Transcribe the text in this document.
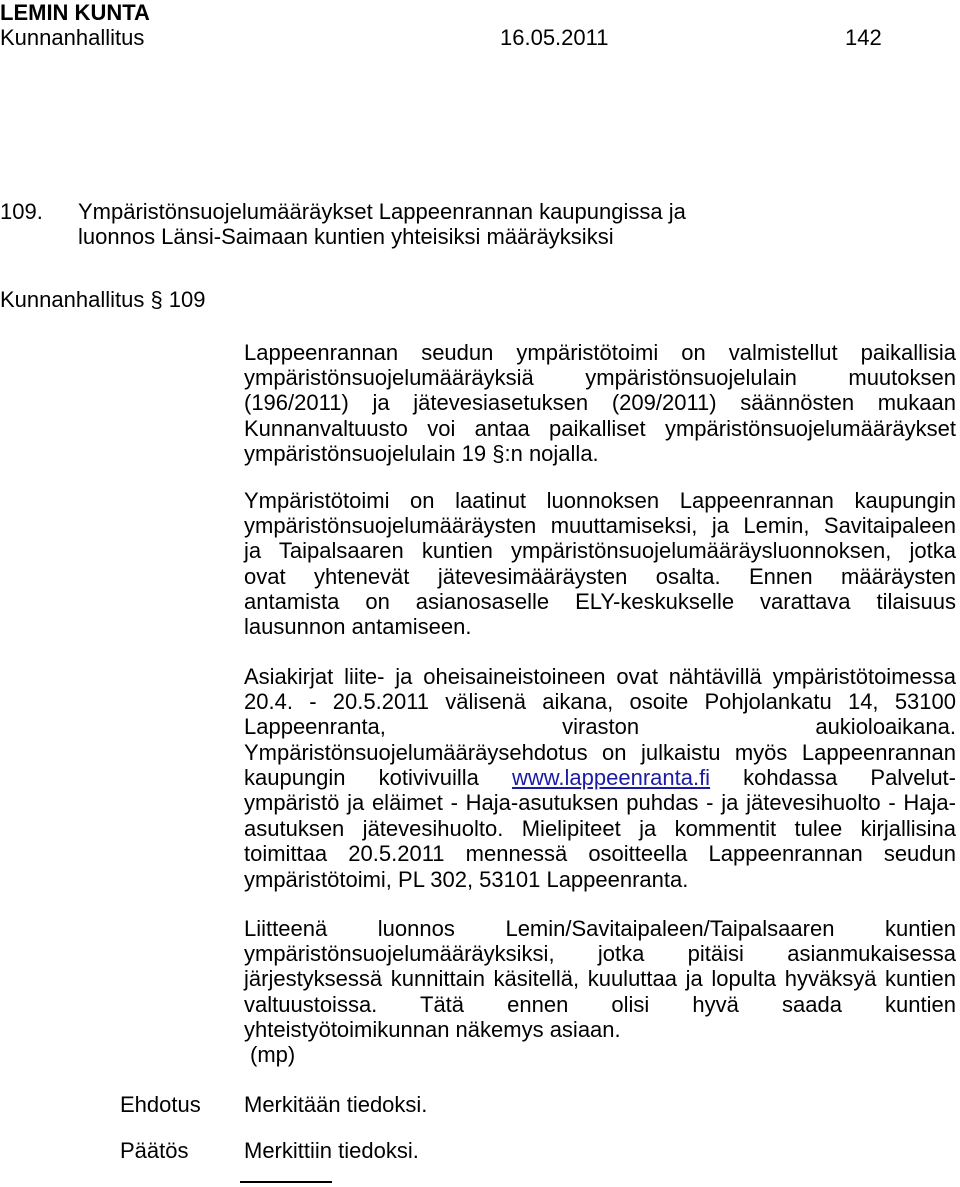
LEMIN KUNTA
Kunnanhallitus	16.05.2011	142
109. Ympäristönsuojelumääräykset Lappeenrannan kaupungissa ja
luonnos Länsi-Saimaan kuntien yhteisiksi määräyksiksi
Kunnanhallitus § 109
Lappeenrannan seudun ympäristötoimi on valmistellut paikallisia
ympäristönsuojelumääräyksiä ympäristönsuojelulain muutoksen
(196/2011) ja jätevesiasetuksen (209/2011) säännösten mukaan
Kunnanvaltuusto voi antaa paikalliset ympäristönsuojelumääräykset
ympäristönsuojelulain 19 §:n nojalla.
Ympäristötoimi on laatinut luonnoksen Lappeenrannan kaupungin
ympäristönsuojelumääräysten muuttamiseksi, ja Lemin, Savitaipaleen
ja Taipalsaaren kuntien ympäristönsuojelumääräysluonnoksen, jotka
ovat yhtenevät jätevesimääräysten osalta. Ennen määräysten
antamista on asianosaselle ELY-keskukselle varattava tilaisuus
lausunnon antamiseen.
Asiakirjat liite- ja oheisaineistoineen ovat nähtävillä ympäristötoimessa
20.4. - 20.5.2011 välisenä aikana, osoite Pohjolankatu 14, 53100
Lappeenranta, viraston aukioloaikana.
Ympäristönsuojelumääräysehdotus on julkaistu myös Lappeenrannan
kaupungin kotivivuilla www.lappeenranta.fi kohdassa Palvelut-
ympäristö ja eläimet - Haja-asutuksen puhdas - ja jätevesihuolto - Haja-
asutuksen jätevesihuolto. Mielipiteet ja kommentit tulee kirjallisina
toimittaa 20.5.2011 mennessä osoitteella Lappeenrannan seudun
ympäristötoimi, PL 302, 53101 Lappeenranta.
Liitteenä luonnos Lemin/Savitaipaleen/Taipalsaaren kuntien
ympäristönsuojelumääräyksiksi, jotka pitäisi asianmukaisessa
järjestyksessä kunnittain käsitellä, kuuluttaa ja lopulta hyväksyä kuntien
valtuustoissa. Tätä ennen olisi hyvä saada kuntien
yhteistyötoimikunnan näkemys asiaan.
(mp)
Ehdotus Merkitään tiedoksi.
Päätös	Merkittiin tiedoksi.
